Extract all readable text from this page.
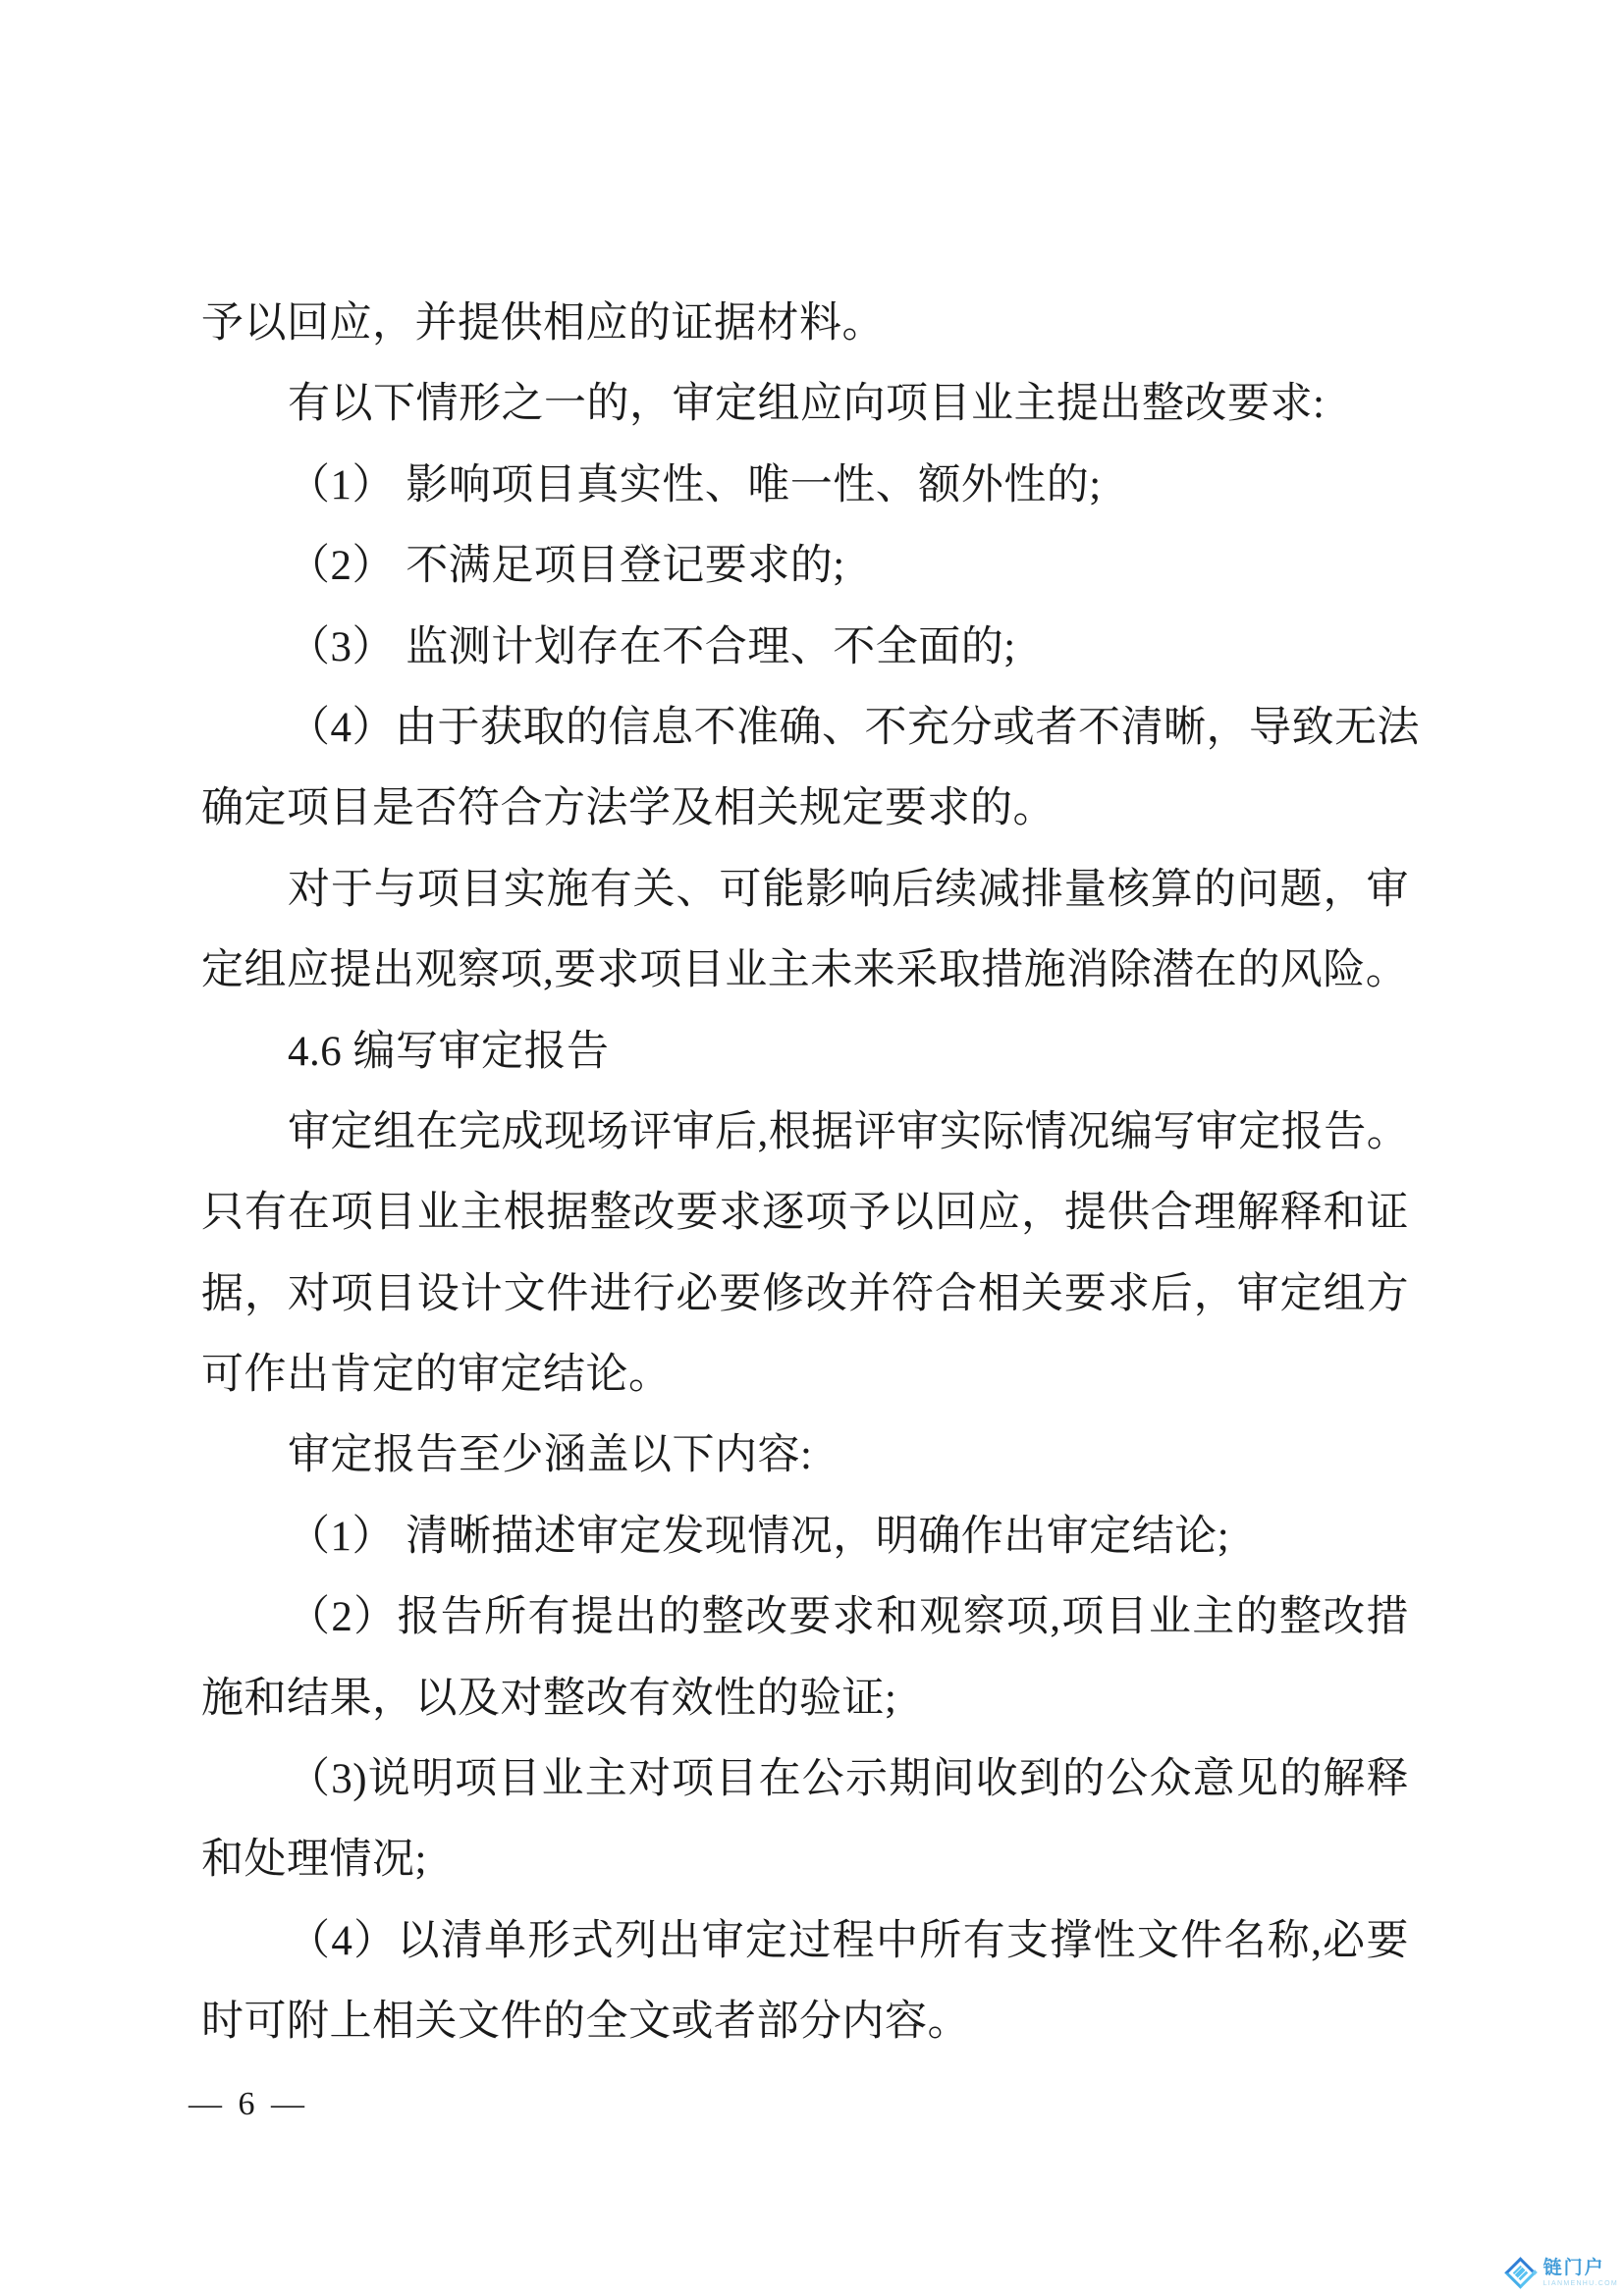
予以回应，并提供相应的证据材料。
有以下情形之一的，审定组应向项目业主提出整改要求:
（1） 影响项目真实性、唯一性、额外性的;
（2） 不满足项目登记要求的;
（3） 监测计划存在不合理、不全面的;
（4）由于获取的信息不准确、不充分或者不清晰，导致无法
确定项目是否符合方法学及相关规定要求的。
对于与项目实施有关、可能影响后续减排量核算的问题，审
定组应提出观察项,要求项目业主未来采取措施消除潜在的风险。
4.6 编写审定报告
审定组在完成现场评审后,根据评审实际情况编写审定报告。
只有在项目业主根据整改要求逐项予以回应，提供合理解释和证
据，对项目设计文件进行必要修改并符合相关要求后，审定组方
可作出肯定的审定结论。
审定报告至少涵盖以下内容:
（1） 清晰描述审定发现情况，明确作出审定结论;
（2）报告所有提出的整改要求和观察项,项目业主的整改措
施和结果，以及对整改有效性的验证;
（3)说明项目业主对项目在公示期间收到的公众意见的解释
和处理情况;
（4）以清单形式列出审定过程中所有支撑性文件名称,必要
时可附上相关文件的全文或者部分内容。
— 6 —
链门户
LIANMENHU.COM
